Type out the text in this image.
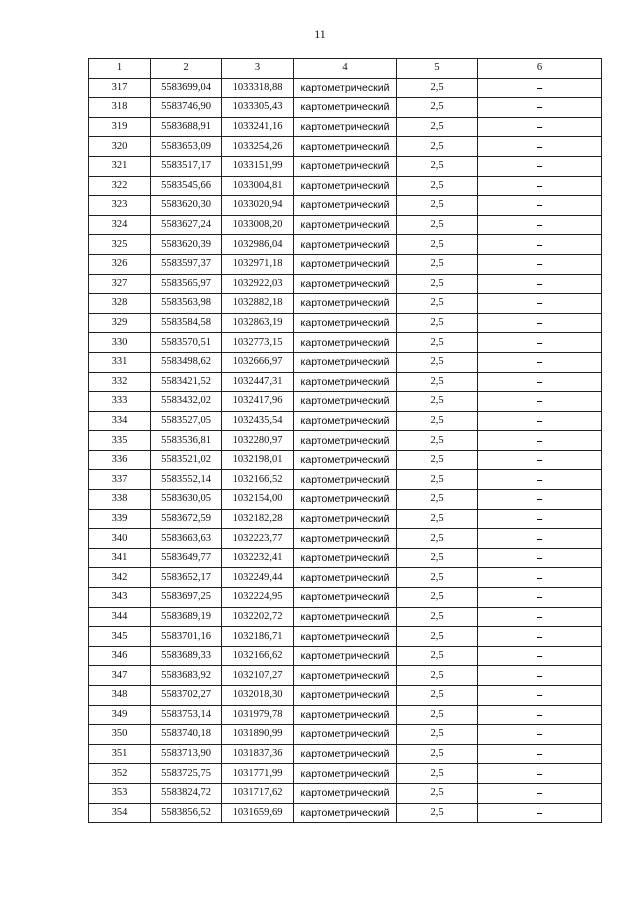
11
1	2	3	4	5	6
317	5583699,04	1033318,88	картометрический	2,5	–
318	5583746,90	1033305,43	картометрический	2,5	–
319	5583688,91	1033241,16	картометрический	2,5	–
320	5583653,09	1033254,26	картометрический	2,5	–
321	5583517,17	1033151,99	картометрический	2,5	–
322	5583545,66	1033004,81	картометрический	2,5	–
323	5583620,30	1033020,94	картометрический	2,5	–
324	5583627,24	1033008,20	картометрический	2,5	–
325	5583620,39	1032986,04	картометрический	2,5	–
326	5583597,37	1032971,18	картометрический	2,5	–
327	5583565,97	1032922,03	картометрический	2,5	–
328	5583563,98	1032882,18	картометрический	2,5	–
329	5583584,58	1032863,19	картометрический	2,5	–
330	5583570,51	1032773,15	картометрический	2,5	–
331	5583498,62	1032666,97	картометрический	2,5	–
332	5583421,52	1032447,31	картометрический	2,5	–
333	5583432,02	1032417,96	картометрический	2,5	–
334	5583527,05	1032435,54	картометрический	2,5	–
335	5583536,81	1032280,97	картометрический	2,5	–
336	5583521,02	1032198,01	картометрический	2,5	–
337	5583552,14	1032166,52	картометрический	2,5	–
338	5583630,05	1032154,00	картометрический	2,5	–
339	5583672,59	1032182,28	картометрический	2,5	–
340	5583663,63	1032223,77	картометрический	2,5	–
341	5583649,77	1032232,41	картометрический	2,5	–
342	5583652,17	1032249,44	картометрический	2,5	–
343	5583697,25	1032224,95	картометрический	2,5	–
344	5583689,19	1032202,72	картометрический	2,5	–
345	5583701,16	1032186,71	картометрический	2,5	–
346	5583689,33	1032166,62	картометрический	2,5	–
347	5583683,92	1032107,27	картометрический	2,5	–
348	5583702,27	1032018,30	картометрический	2,5	–
349	5583753,14	1031979,78	картометрический	2,5	–
350	5583740,18	1031890,99	картометрический	2,5	–
351	5583713,90	1031837,36	картометрический	2,5	–
352	5583725,75	1031771,99	картометрический	2,5	–
353	5583824,72	1031717,62	картометрический	2,5	–
354	5583856,52	1031659,69	картометрический	2,5	–
